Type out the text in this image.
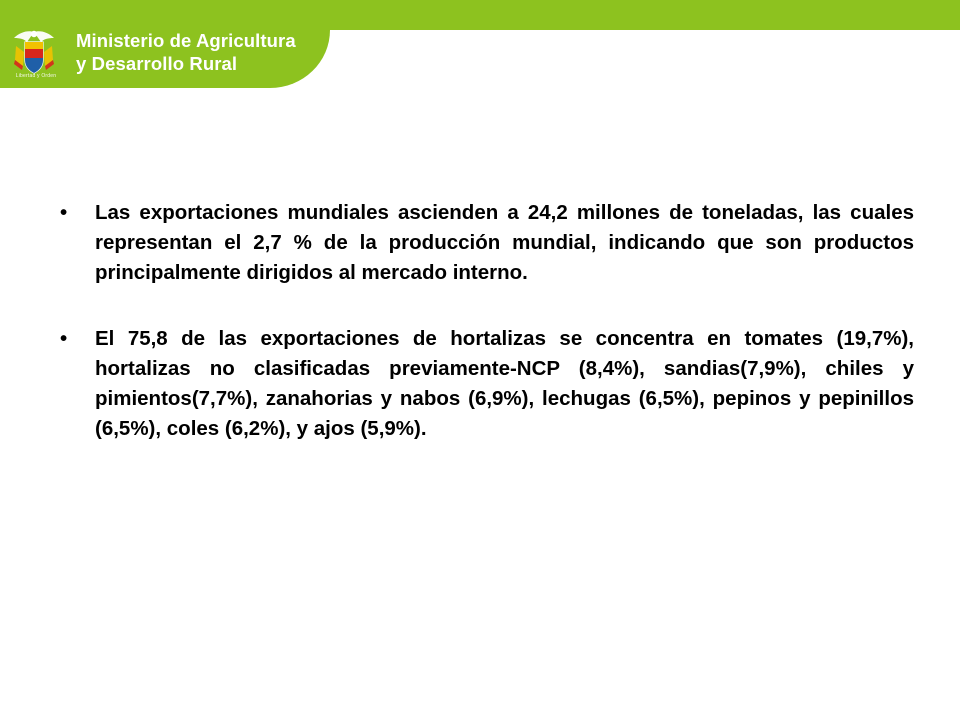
Libertad y Orden
Ministerio de Agricultura
y Desarrollo Rural
•	Las exportaciones mundiales ascienden a 24,2 millones de toneladas, las cuales representan el 2,7 % de la producción mundial, indicando que son productos principalmente dirigidos al mercado interno.
•	El 75,8 de las exportaciones de hortalizas se concentra en tomates (19,7%), hortalizas no clasificadas previamente-NCP (8,4%), sandias(7,9%), chiles y pimientos(7,7%), zanahorias y nabos (6,9%), lechugas (6,5%), pepinos y pepinillos (6,5%), coles (6,2%), y ajos (5,9%).
